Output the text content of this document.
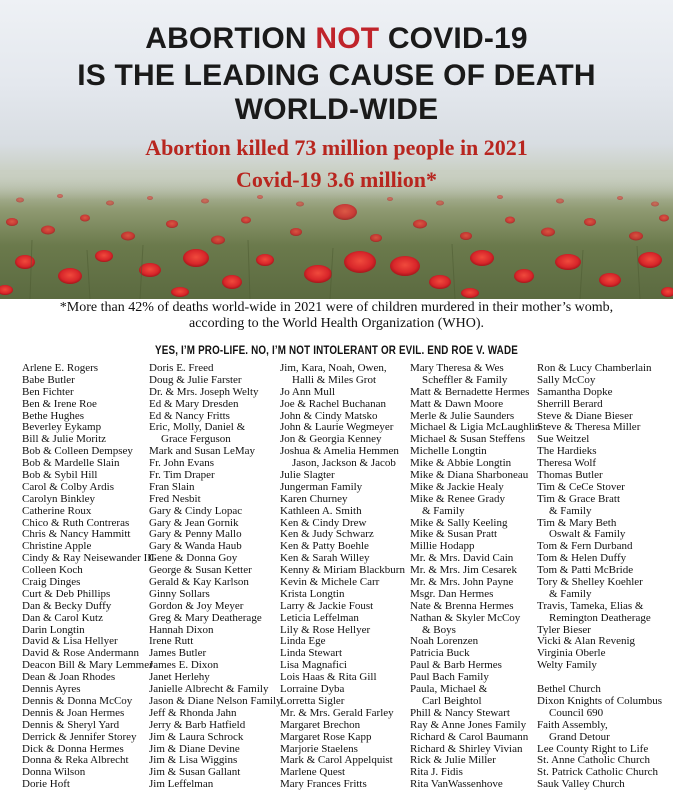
ABORTION NOT COVID-19
IS THE LEADING CAUSE OF DEATH
WORLD-WIDE
Abortion killed 73 million people in 2021
Covid-19 3.6 million*
*More than 42% of deaths world-wide in 2021 were of children murdered in their mother’s womb,
according to the World Health Organization (WHO).
YES, I’M PRO-LIFE. NO, I’M NOT INTOLERANT OR EVIL. END ROE V. WADE
Arlene E. Rogers
Babe Butler
Ben Fichter
Ben & Irene Roe
Bethe Hughes
Beverley Eykamp
Bill & Julie Moritz
Bob & Colleen Dempsey
Bob & Mardelle Slain
Bob & Sybil Hill
Carol & Colby Ardis
Carolyn Binkley
Catherine Roux
Chico & Ruth Contreras
Chris & Nancy Hammitt
Christine Apple
Cindy & Ray Neisewander III
Colleen Koch
Craig Dinges
Curt & Deb Phillips
Dan & Becky Duffy
Dan & Carol Kutz
Darin Longtin
David & Lisa Hellyer
David & Rose Andermann
Deacon Bill & Mary Lemmer
Dean & Joan Rhodes
Dennis Ayres
Dennis & Donna McCoy
Dennis & Joan Hermes
Dennis & Sheryl Yard
Derrick & Jennifer Storey
Dick & Donna Hermes
Donna & Reka Albrecht
Donna Wilson
Dorie Hoft
Doris E. Freed
Doug & Julie Farster
Dr. & Mrs. Joseph Welty
Ed & Mary Dresden
Ed & Nancy Fritts
Eric, Molly, Daniel &
Grace Ferguson
Mark and Susan LeMay
Fr. John Evans
Fr. Tim Draper
Fran Slain
Fred Nesbit
Gary & Cindy Lopac
Gary & Jean Gornik
Gary & Penny Mallo
Gary & Wanda Haub
Gene & Donna Goy
George & Susan Ketter
Gerald & Kay Karlson
Ginny Sollars
Gordon & Joy Meyer
Greg & Mary Deatherage
Hannah Dixon
Irene Rutt
James Butler
James E. Dixon
Janet Herlehy
Janielle Albrecht & Family
Jason & Diane Nelson Family
Jeff & Rhonda Jahn
Jerry & Barb Hatfield
Jim & Laura Schrock
Jim & Diane Devine
Jim & Lisa Wiggins
Jim & Susan Gallant
Jim Leffelman
Jim, Kara, Noah, Owen,
Halli & Miles Grot
Jo Ann Mull
Joe & Rachel Buchanan
John & Cindy Matsko
John & Laurie Wegmeyer
Jon & Georgia Kenney
Joshua & Amelia Hemmen
Jason, Jackson & Jacob
Julie Slagter
Jungerman Family
Karen Churney
Kathleen A. Smith
Ken & Cindy Drew
Ken & Judy Schwarz
Ken & Patty Boehle
Ken & Sarah Willey
Kenny & Miriam Blackburn
Kevin & Michele Carr
Krista Longtin
Larry & Jackie Foust
Leticia Leffelman
Lily & Rose Hellyer
Linda Ege
Linda Stewart
Lisa Magnafici
Lois Haas & Rita Gill
Lorraine Dyba
Lorretta Sigler
Mr. & Mrs. Gerald Farley
Margaret Brechon
Margaret Rose Kapp
Marjorie Staelens
Mark & Carol Appelquist
Marlene Quest
Mary Frances Fritts
Mary Theresa & Wes
Scheffler & Family
Matt & Bernadette Hermes
Matt & Dawn Moore
Merle & Julie Saunders
Michael & Ligia McLaughlin
Michael & Susan Steffens
Michelle Longtin
Mike & Abbie Longtin
Mike & Diana Sharboneau
Mike & Jackie Healy
Mike & Renee Grady
& Family
Mike & Sally Keeling
Mike & Susan Pratt
Millie Hodapp
Mr. & Mrs. David Cain
Mr. & Mrs. Jim Cesarek
Mr. & Mrs. John Payne
Msgr. Dan Hermes
Nate & Brenna Hermes
Nathan & Skyler McCoy
& Boys
Noah Lorenzen
Patricia Buck
Paul & Barb Hermes
Paul Bach Family
Paula, Michael &
Carl Beightol
Phill & Nancy Stewart
Ray & Anne Jones Family
Richard & Carol Baumann
Richard & Shirley Vivian
Rick & Julie Miller
Rita J. Fidis
Rita VanWassenhove
Ron & Lucy Chamberlain
Sally McCoy
Samantha Dopke
Sherrill Berard
Steve & Diane Bieser
Steve & Theresa Miller
Sue Weitzel
The Hardieks
Theresa Wolf
Thomas Butler
Tim & CeCe Stover
Tim & Grace Bratt
& Family
Tim & Mary Beth
Oswalt & Family
Tom & Fern Durband
Tom & Helen Duffy
Tom & Patti McBride
Tory & Shelley Koehler
& Family
Travis, Tameka, Elias &
Remington Deatherage
Tyler Bieser
Vicki & Alan Revenig
Virginia Oberle
Welty Family
Bethel Church
Dixon Knights of Columbus
Council 690
Faith Assembly,
Grand Detour
Lee County Right to Life
St. Anne Catholic Church
St. Patrick Catholic Church
Sauk Valley Church
